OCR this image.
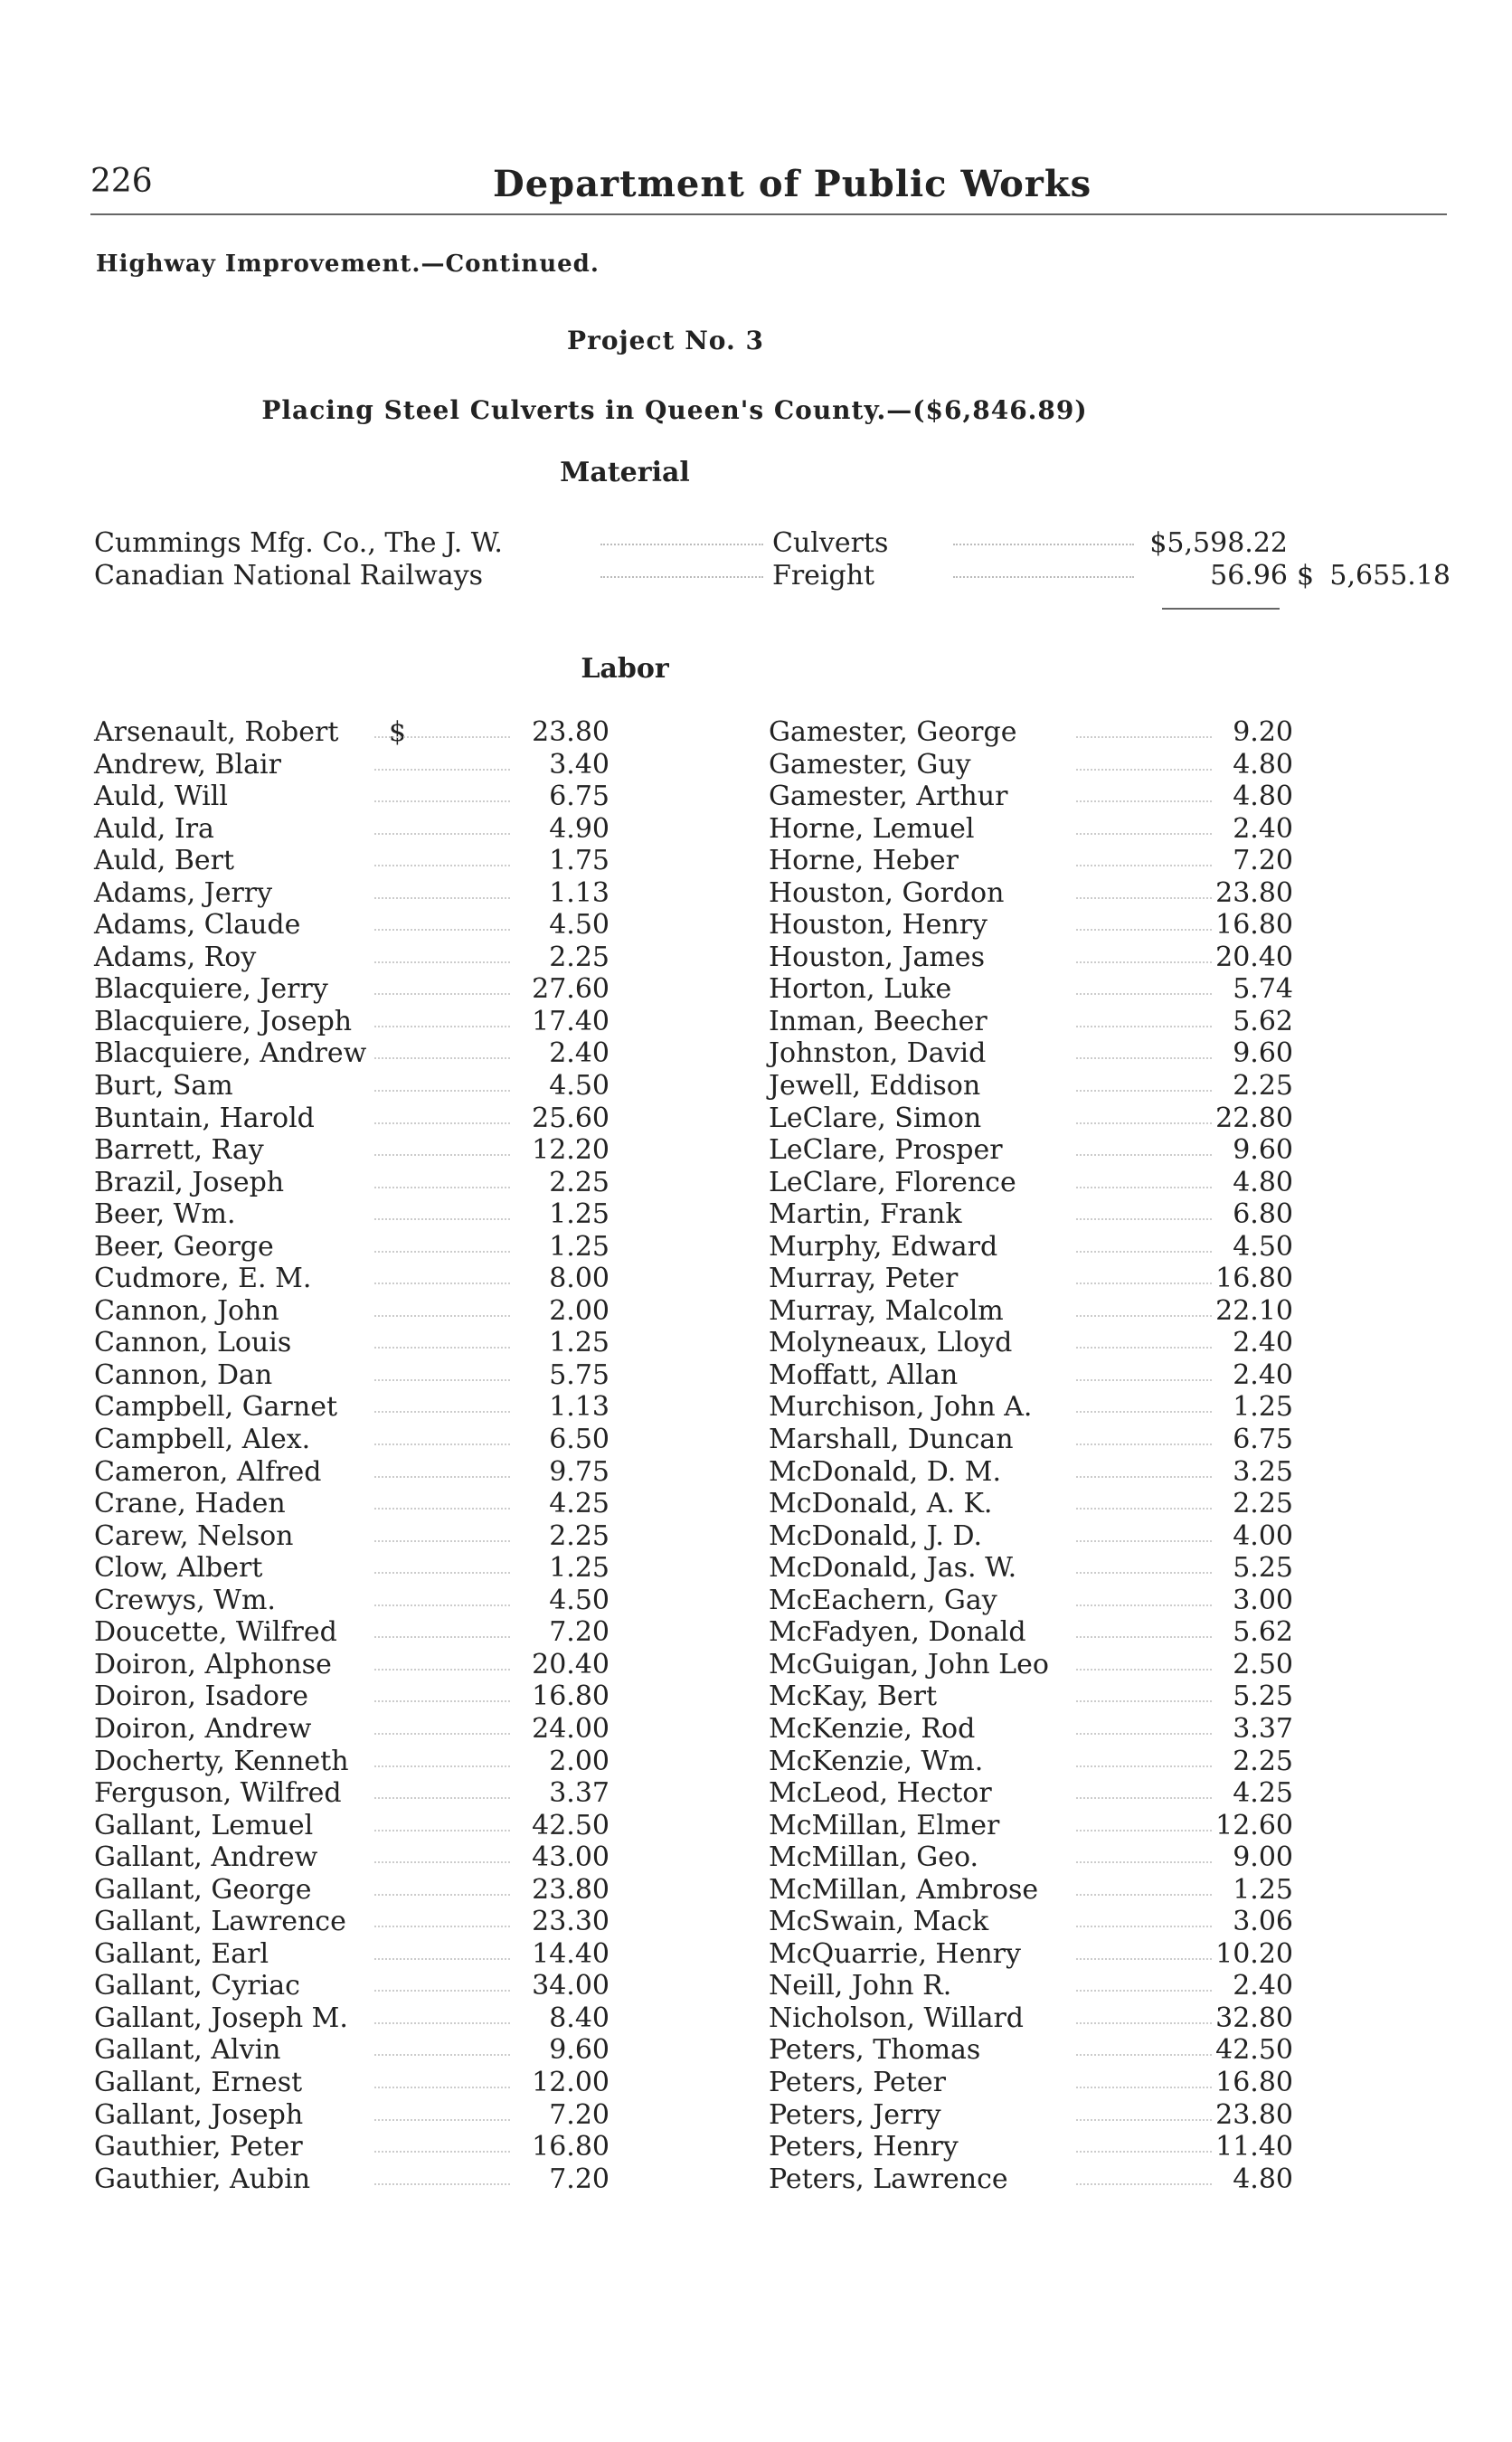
226	Department of Public Works
Highway Improvement.—Continued.
Project No. 3
Placing Steel Culverts in Queen's County.—($6,846.89)
Material
Cummings Mfg. Co., The J. W.	Culverts	$5,598.22
Canadian National Railways	Freight	56.96 $ 5,655.18
Labor
$
Arsenault, Robert	23.80
Andrew, Blair	3.40
Auld, Will	6.75
Auld, Ira	4.90
Auld, Bert	1.75
Adams, Jerry	1.13
Adams, Claude	4.50
Adams, Roy	2.25
Blacquiere, Jerry	27.60
Blacquiere, Joseph	17.40
Blacquiere, Andrew	2.40
Burt, Sam	4.50
Buntain, Harold	25.60
Barrett, Ray	12.20
Brazil, Joseph	2.25
Beer, Wm.	1.25
Beer, George	1.25
Cudmore, E. M.	8.00
Cannon, John	2.00
Cannon, Louis	1.25
Cannon, Dan	5.75
Campbell, Garnet	1.13
Campbell, Alex.	6.50
Cameron, Alfred	9.75
Crane, Haden	4.25
Carew, Nelson	2.25
Clow, Albert	1.25
Crewys, Wm.	4.50
Doucette, Wilfred	7.20
Doiron, Alphonse	20.40
Doiron, Isadore	16.80
Doiron, Andrew	24.00
Docherty, Kenneth	2.00
Ferguson, Wilfred	3.37
Gallant, Lemuel	42.50
Gallant, Andrew	43.00
Gallant, George	23.80
Gallant, Lawrence	23.30
Gallant, Earl	14.40
Gallant, Cyriac	34.00
Gallant, Joseph M.	8.40
Gallant, Alvin	9.60
Gallant, Ernest	12.00
Gallant, Joseph	7.20
Gauthier, Peter	16.80
Gauthier, Aubin	7.20
Gamester, George	9.20
Gamester, Guy	4.80
Gamester, Arthur	4.80
Horne, Lemuel	2.40
Horne, Heber	7.20
Houston, Gordon	23.80
Houston, Henry	16.80
Houston, James	20.40
Horton, Luke	5.74
Inman, Beecher	5.62
Johnston, David	9.60
Jewell, Eddison	2.25
LeClare, Simon	22.80
LeClare, Prosper	9.60
LeClare, Florence	4.80
Martin, Frank	6.80
Murphy, Edward	4.50
Murray, Peter	16.80
Murray, Malcolm	22.10
Molyneaux, Lloyd	2.40
Moffatt, Allan	2.40
Murchison, John A.	1.25
Marshall, Duncan	6.75
McDonald, D. M.	3.25
McDonald, A. K.	2.25
McDonald, J. D.	4.00
McDonald, Jas. W.	5.25
McEachern, Gay	3.00
McFadyen, Donald	5.62
McGuigan, John Leo	2.50
McKay, Bert	5.25
McKenzie, Rod	3.37
McKenzie, Wm.	2.25
McLeod, Hector	4.25
McMillan, Elmer	12.60
McMillan, Geo.	9.00
McMillan, Ambrose	1.25
McSwain, Mack	3.06
McQuarrie, Henry	10.20
Neill, John R.	2.40
Nicholson, Willard	32.80
Peters, Thomas	42.50
Peters, Peter	16.80
Peters, Jerry	23.80
Peters, Henry	11.40
Peters, Lawrence	4.80
